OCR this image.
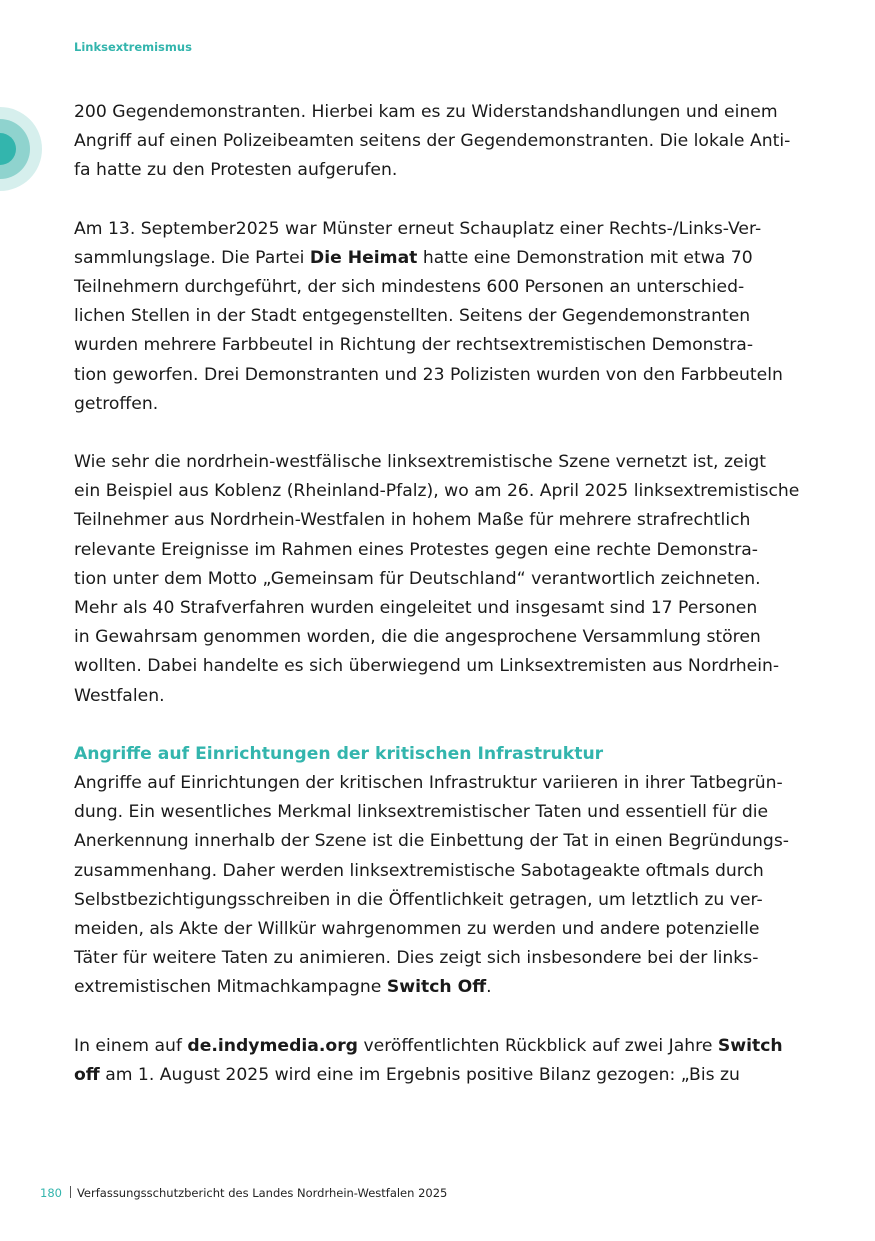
Linksextremismus

200 Gegendemonstranten. Hierbei kam es zu Widerstandshandlungen und einem
Angriff auf einen Polizeibeamten seitens der Gegendemonstranten. Die lokale Anti-
fa hatte zu den Protesten aufgerufen.

Am 13. September2025 war Münster erneut Schauplatz einer Rechts-/Links-Ver-
sammlungslage. Die Partei Die Heimat hatte eine Demonstration mit etwa 70
Teilnehmern durchgeführt, der sich mindestens 600 Personen an unterschied-
lichen Stellen in der Stadt entgegenstellten. Seitens der Gegendemonstranten
wurden mehrere Farbbeutel in Richtung der rechtsextremistischen Demonstra-
tion geworfen. Drei Demonstranten und 23 Polizisten wurden von den Farbbeuteln
getroffen.

Wie sehr die nordrhein-westfälische linksextremistische Szene vernetzt ist, zeigt
ein Beispiel aus Koblenz (Rheinland-Pfalz), wo am 26. April 2025 linksextremistische
Teilnehmer aus Nordrhein-Westfalen in hohem Maße für mehrere strafrechtlich
relevante Ereignisse im Rahmen eines Protestes gegen eine rechte Demonstra-
tion unter dem Motto „Gemeinsam für Deutschland“ verantwortlich zeichneten.
Mehr als 40 Strafverfahren wurden eingeleitet und insgesamt sind 17 Personen
in Gewahrsam genommen worden, die die angesprochene Versammlung stören
wollten. Dabei handelte es sich überwiegend um Linksextremisten aus Nordrhein-
Westfalen.

Angriffe auf Einrichtungen der kritischen Infrastruktur

Angriffe auf Einrichtungen der kritischen Infrastruktur variieren in ihrer Tatbegrün-
dung. Ein wesentliches Merkmal linksextremistischer Taten und essentiell für die
Anerkennung innerhalb der Szene ist die Einbettung der Tat in einen Begründungs-
zusammenhang. Daher werden linksextremistische Sabotageakte oftmals durch
Selbstbezichtigungsschreiben in die Öffentlichkeit getragen, um letztlich zu ver-
meiden, als Akte der Willkür wahrgenommen zu werden und andere potenzielle
Täter für weitere Taten zu animieren. Dies zeigt sich insbesondere bei der links-
extremistischen Mitmachkampagne Switch Off.

In einem auf de.indymedia.org veröffentlichten Rückblick auf zwei Jahre Switch
off am 1. August 2025 wird eine im Ergebnis positive Bilanz gezogen: „Bis zu

180 Verfassungsschutzbericht des Landes Nordrhein-Westfalen 2025
